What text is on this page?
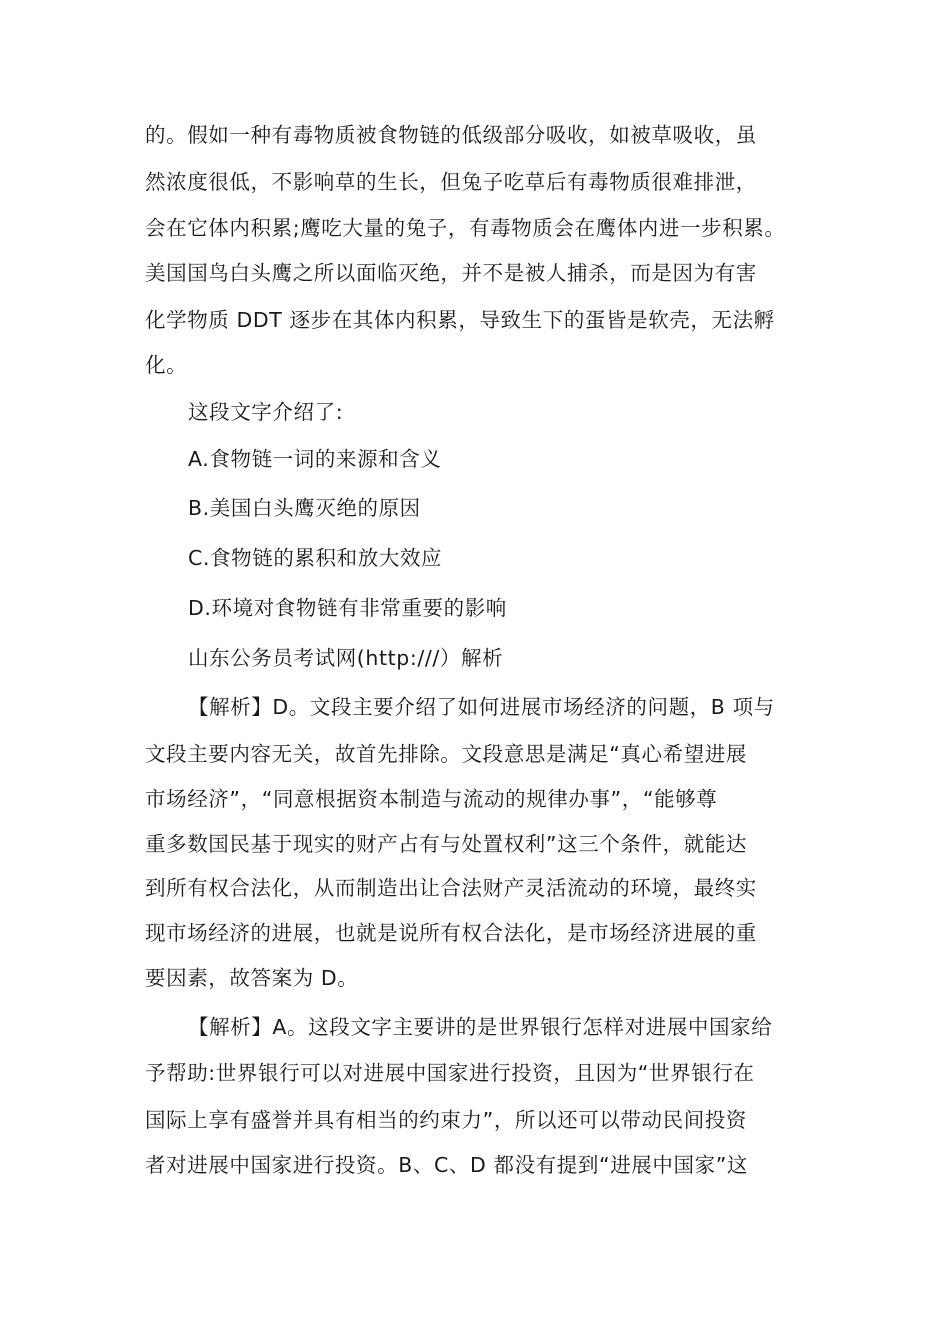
的。假如一种有毒物质被食物链的低级部分吸收，如被草吸收，虽
然浓度很低，不影响草的生长，但兔子吃草后有毒物质很难排泄，
会在它体内积累;鹰吃大量的兔子，有毒物质会在鹰体内进一步积累。
美国国鸟白头鹰之所以面临灭绝，并不是被人捕杀，而是因为有害
化学物质 DDT 逐步在其体内积累，导致生下的蛋皆是软壳，无法孵
化。
这段文字介绍了:
A.食物链一词的来源和含义
B.美国白头鹰灭绝的原因
C.食物链的累积和放大效应
D.环境对食物链有非常重要的影响
山东公务员考试网(http:///）解析
【解析】D。文段主要介绍了如何进展市场经济的问题，B 项与
文段主要内容无关，故首先排除。文段意思是满足“真心希望进展
市场经济”，“同意根据资本制造与流动的规律办事”，“能够尊
重多数国民基于现实的财产占有与处置权利”这三个条件，就能达
到所有权合法化，从而制造出让合法财产灵活流动的环境，最终实
现市场经济的进展，也就是说所有权合法化，是市场经济进展的重
要因素，故答案为 D。
【解析】A。这段文字主要讲的是世界银行怎样对进展中国家给
予帮助:世界银行可以对进展中国家进行投资，且因为“世界银行在
国际上享有盛誉并具有相当的约束力”，所以还可以带动民间投资
者对进展中国家进行投资。B、C、D 都没有提到“进展中国家”这
